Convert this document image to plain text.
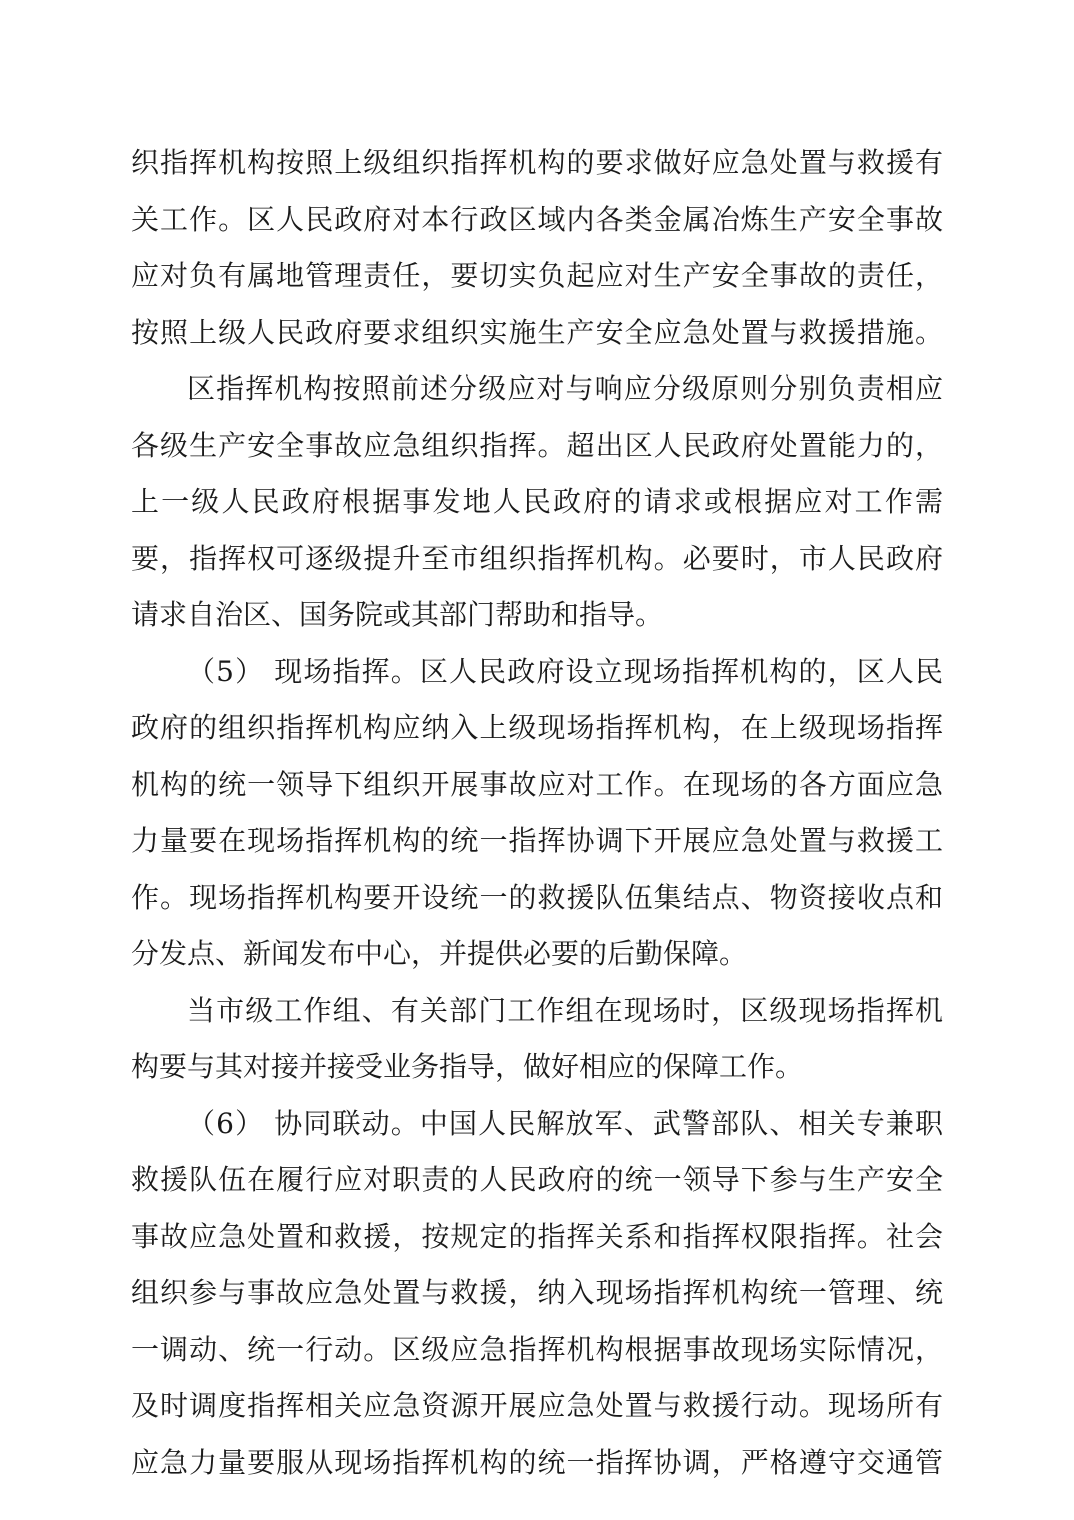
织指挥机构按照上级组织指挥机构的要求做好应急处置与救援有
关工作。区人民政府对本行政区域内各类金属冶炼生产安全事故
应对负有属地管理责任，要切实负起应对生产安全事故的责任，
按照上级人民政府要求组织实施生产安全应急处置与救援措施。
区指挥机构按照前述分级应对与响应分级原则分别负责相应
各级生产安全事故应急组织指挥。超出区人民政府处置能力的，
上一级人民政府根据事发地人民政府的请求或根据应对工作需
要，指挥权可逐级提升至市组织指挥机构。必要时，市人民政府
请求自治区、国务院或其部门帮助和指导。
（5） 现场指挥。区人民政府设立现场指挥机构的，区人民
政府的组织指挥机构应纳入上级现场指挥机构，在上级现场指挥
机构的统一领导下组织开展事故应对工作。在现场的各方面应急
力量要在现场指挥机构的统一指挥协调下开展应急处置与救援工
作。现场指挥机构要开设统一的救援队伍集结点、物资接收点和
分发点、新闻发布中心，并提供必要的后勤保障。
当市级工作组、有关部门工作组在现场时，区级现场指挥机
构要与其对接并接受业务指导，做好相应的保障工作。
（6） 协同联动。中国人民解放军、武警部队、相关专兼职
救援队伍在履行应对职责的人民政府的统一领导下参与生产安全
事故应急处置和救援，按规定的指挥关系和指挥权限指挥。社会
组织参与事故应急处置与救援，纳入现场指挥机构统一管理、统
一调动、统一行动。区级应急指挥机构根据事故现场实际情况，
及时调度指挥相关应急资源开展应急处置与救援行动。现场所有
应急力量要服从现场指挥机构的统一指挥协调，严格遵守交通管
